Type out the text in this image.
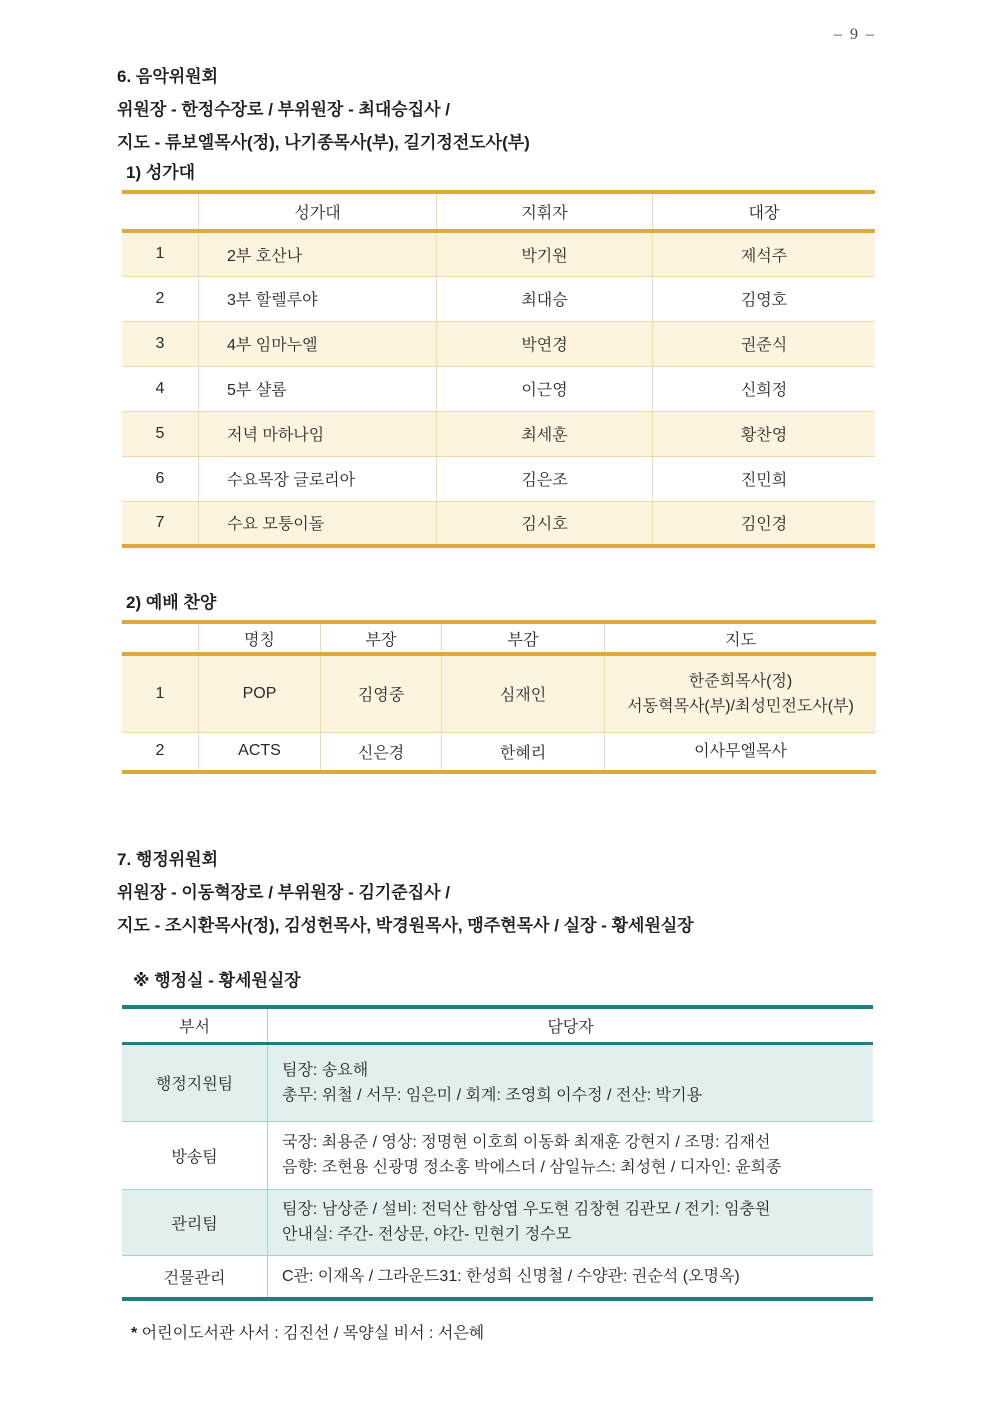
– 9 –
6. 음악위원회
위원장 - 한정수장로 / 부위원장 - 최대승집사 /
지도 - 류보엘목사(정), 나기종목사(부), 길기정전도사(부)
1) 성가대
	성가대	지휘자	대장
1	2부 호산나	박기원	제석주
2	3부 할렐루야	최대승	김영호
3	4부 임마누엘	박연경	권준식
4	5부 샬롬	이근영	신희정
5	저녁 마하나임	최세훈	황찬영
6	수요목장 글로리아	김은조	진민희
7	수요 모퉁이돌	김시호	김인경
2) 예배 찬양
	명칭	부장	부감	지도
1	POP	김영중	심재인	한준희목사(정)
서동혁목사(부)/최성민전도사(부)

2	ACTS	신은경	한혜리	이사무엘목사
7. 행정위원회
위원장 - 이동혁장로 / 부위원장 - 김기준집사 /
지도 - 조시환목사(정), 김성헌목사, 박경원목사, 맹주현목사 / 실장 - 황세원실장
※ 행정실 - 황세원실장
부서	담당자
행정지원팀	팀장: 송요해
총무: 위철 / 서무: 임은미 / 회계: 조영희 이수정 / 전산: 박기용

방송팀	국장: 최용준 / 영상: 정명현 이호희 이동화 최재훈 강현지 / 조명: 김재선
음향: 조현용 신광명 정소홍 박에스더 / 삼일뉴스: 최성현 / 디자인: 윤희종

관리팀	팀장: 남상준 / 설비: 전덕산 함상엽 우도현 김창현 김관모 / 전기: 임충원
안내실: 주간- 전상문, 야간- 민현기 정수모

건물관리	C관: 이재옥 / 그라운드31: 한성희 신명철 / 수양관: 권순석 (오명옥)
* 어린이도서관 사서 : 김진선 / 목양실 비서 : 서은혜
